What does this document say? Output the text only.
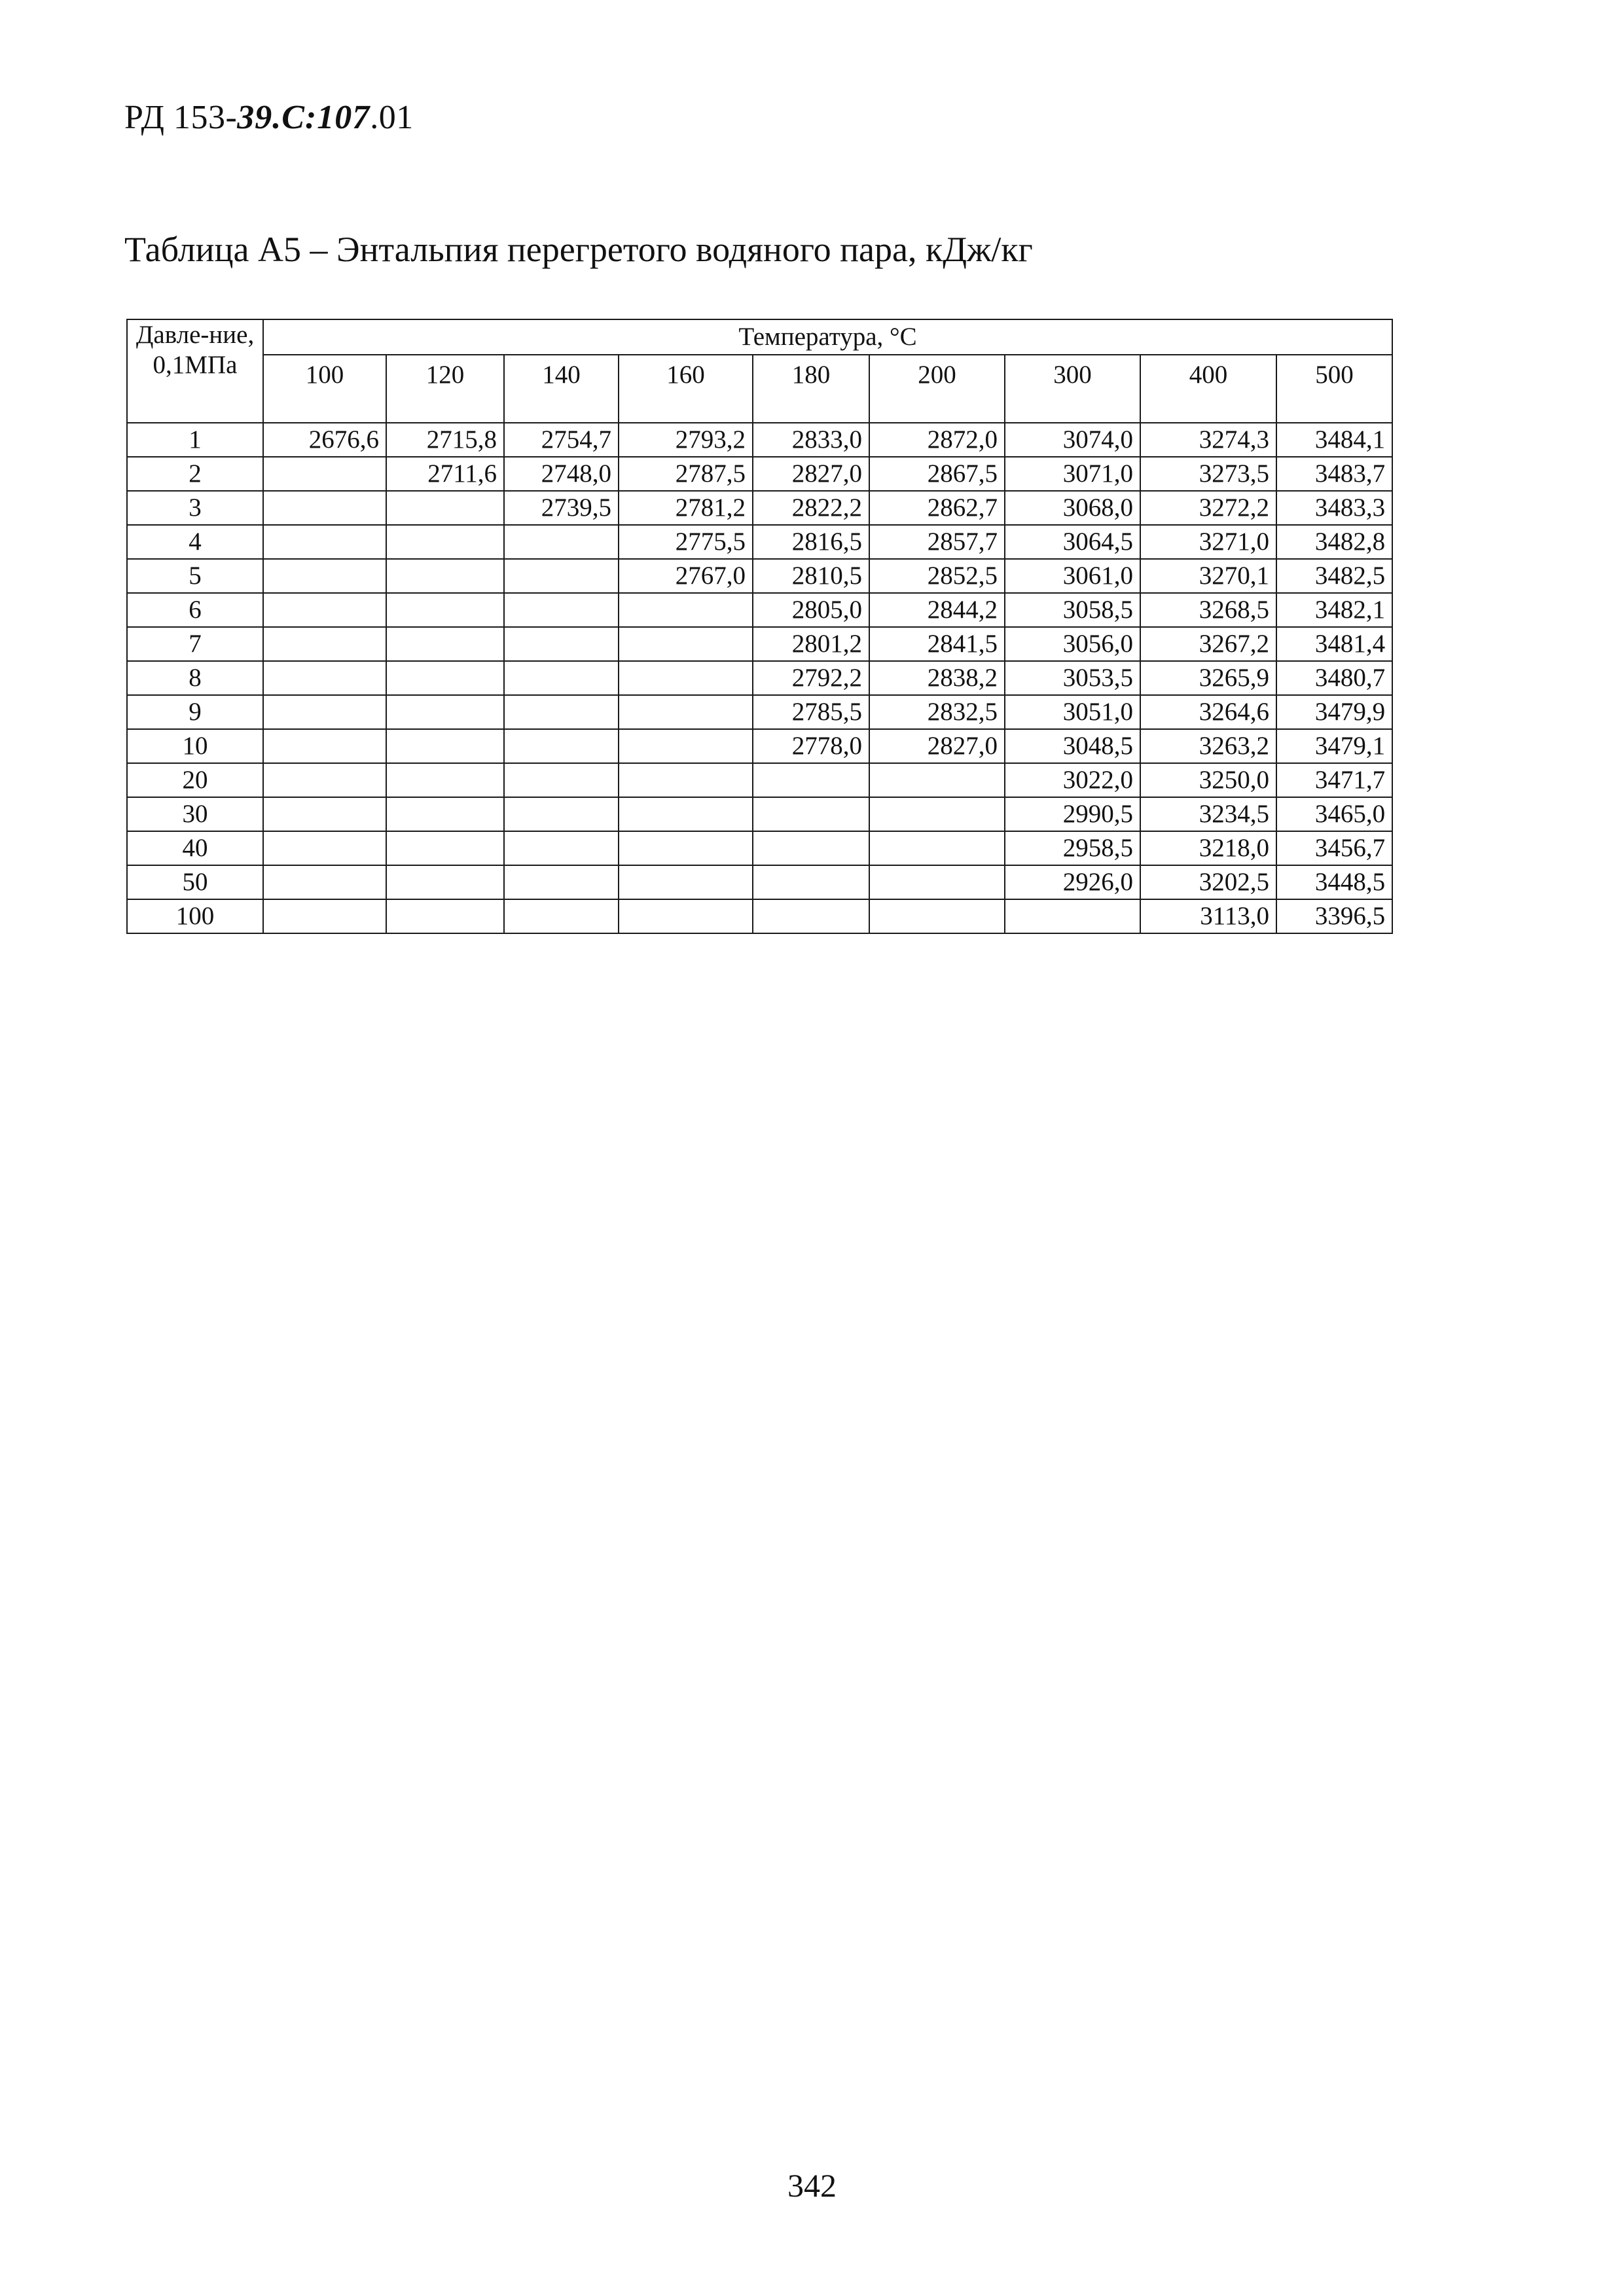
РД 153-39.С:107.01
Таблица А5 – Энтальпия перегретого водяного пара, кДж/кг
Давле-ние, 0,1МПа	Температура, °С								
	100	120	140	160	180	200	300	400	500
1	2676,6	2715,8	2754,7	2793,2	2833,0	2872,0	3074,0	3274,3	3484,1
2		2711,6	2748,0	2787,5	2827,0	2867,5	3071,0	3273,5	3483,7
3			2739,5	2781,2	2822,2	2862,7	3068,0	3272,2	3483,3
4				2775,5	2816,5	2857,7	3064,5	3271,0	3482,8
5				2767,0	2810,5	2852,5	3061,0	3270,1	3482,5
6					2805,0	2844,2	3058,5	3268,5	3482,1
7					2801,2	2841,5	3056,0	3267,2	3481,4
8					2792,2	2838,2	3053,5	3265,9	3480,7
9					2785,5	2832,5	3051,0	3264,6	3479,9
10					2778,0	2827,0	3048,5	3263,2	3479,1
20							3022,0	3250,0	3471,7
30							2990,5	3234,5	3465,0
40							2958,5	3218,0	3456,7
50							2926,0	3202,5	3448,5
100								3113,0	3396,5
342
